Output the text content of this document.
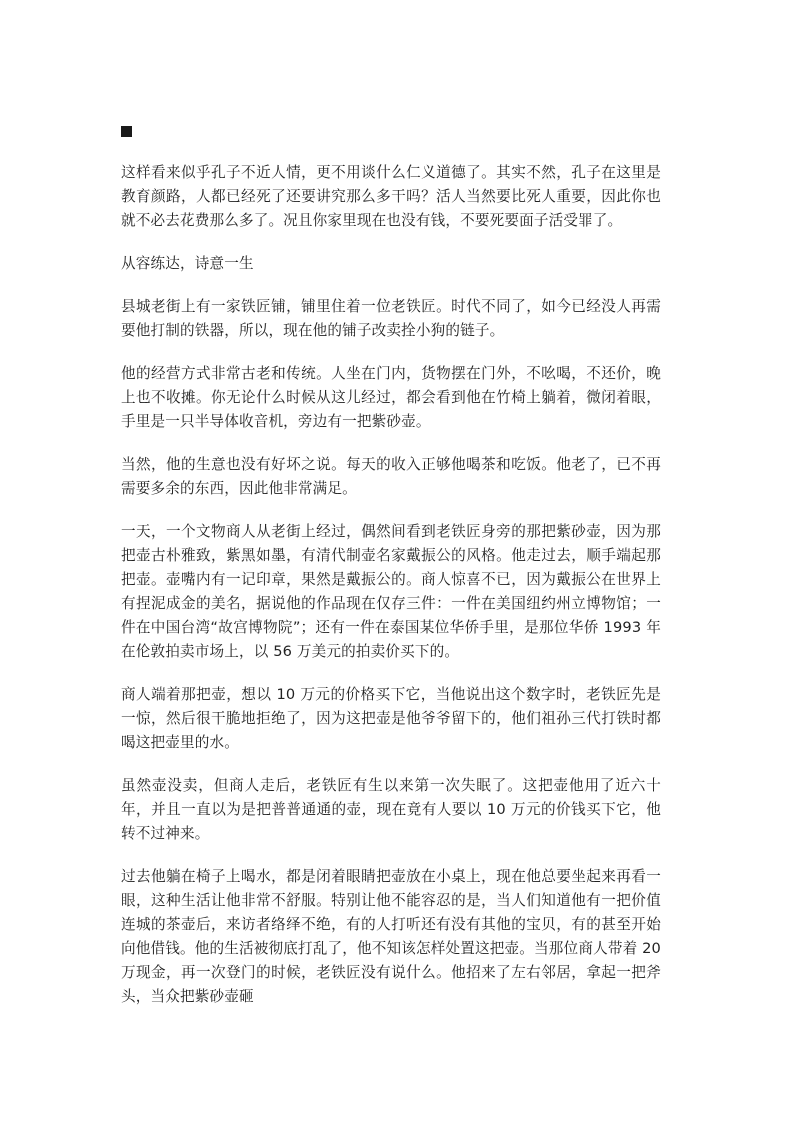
这样看来似乎孔子不近人情，更不用谈什么仁义道德了。其实不然，孔子在这里是教育颜路，人都已经死了还要讲究那么多干吗？活人当然要比死人重要，因此你也就不必去花费那么多了。况且你家里现在也没有钱，不要死要面子活受罪了。

从容练达，诗意一生

县城老街上有一家铁匠铺，铺里住着一位老铁匠。时代不同了，如今已经没人再需要他打制的铁器，所以，现在他的铺子改卖拴小狗的链子。

他的经营方式非常古老和传统。人坐在门内，货物摆在门外，不吆喝，不还价，晚上也不收摊。你无论什么时候从这儿经过，都会看到他在竹椅上躺着，微闭着眼，手里是一只半导体收音机，旁边有一把紫砂壶。

当然，他的生意也没有好坏之说。每天的收入正够他喝茶和吃饭。他老了，已不再需要多余的东西，因此他非常满足。

一天，一个文物商人从老街上经过，偶然间看到老铁匠身旁的那把紫砂壶，因为那把壶古朴雅致，紫黑如墨，有清代制壶名家戴振公的风格。他走过去，顺手端起那把壶。壶嘴内有一记印章，果然是戴振公的。商人惊喜不已，因为戴振公在世界上有捏泥成金的美名，据说他的作品现在仅存三件：一件在美国纽约州立博物馆；一件在中国台湾“故宫博物院”；还有一件在泰国某位华侨手里，是那位华侨 1993 年在伦敦拍卖市场上，以 56 万美元的拍卖价买下的。

商人端着那把壶，想以 10 万元的价格买下它，当他说出这个数字时，老铁匠先是一惊，然后很干脆地拒绝了，因为这把壶是他爷爷留下的，他们祖孙三代打铁时都喝这把壶里的水。

虽然壶没卖，但商人走后，老铁匠有生以来第一次失眠了。这把壶他用了近六十年，并且一直以为是把普普通通的壶，现在竟有人要以 10 万元的价钱买下它，他转不过神来。

过去他躺在椅子上喝水，都是闭着眼睛把壶放在小桌上，现在他总要坐起来再看一眼，这种生活让他非常不舒服。特别让他不能容忍的是，当人们知道他有一把价值连城的茶壶后，来访者络绎不绝，有的人打听还有没有其他的宝贝，有的甚至开始向他借钱。他的生活被彻底打乱了，他不知该怎样处置这把壶。当那位商人带着 20 万现金，再一次登门的时候，老铁匠没有说什么。他招来了左右邻居，拿起一把斧头，当众把紫砂壶砸
